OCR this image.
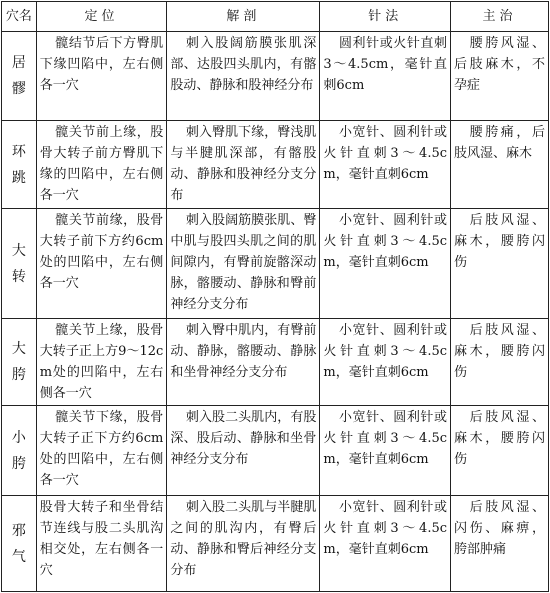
穴名	定位	解剖	针法	主治
居髎	髋结节后下方臀肌下缘凹陷中，左右侧各一穴	刺入股阔筋膜张肌深部、达股四头肌内，有髂股动、静脉和股神经分布	圆利针或火针直刺3～4.5cm，毫针直刺6cm	腰胯风湿、后肢麻木，不孕症
环跳	髋关节前上缘，股骨大转子前方臀肌下缘的凹陷中，左右侧各一穴	刺入臀肌下缘，臀浅肌与半腱肌深部，有髂股动、静脉和股神经分支分布	小宽针、圆利针或火针直刺3～4.5cm，毫针直刺6cm	腰胯痛，后肢风湿、麻木
大转	髋关节前缘，股骨大转子前下方约6cm处的凹陷中，左右侧各一穴	刺入股阔筋膜张肌、臀中肌与股四头肌之间的肌间隙内，有臀前旋髂深动脉，髂腰动、静脉和臀前神经分支分布	小宽针、圆利针或火针直刺3～4.5cm，毫针直刺6cm	后肢风湿、麻木，腰胯闪伤
大胯	髋关节上缘，股骨大转子正上方9～12cm处的凹陷中，左右侧各一穴	刺入臀中肌内，有臀前动、静脉，髂腰动、静脉和坐骨神经分支分布	小宽针、圆利针或火针直刺3～4.5cm，毫针直刺6cm	后肢风湿、麻木，腰胯闪伤
小胯	髋关节下缘，股骨大转子正下方约6cm处的凹陷中，左右侧各一穴	刺入股二头肌内，有股深、股后动、静脉和坐骨神经分支分布	小宽针、圆利针或火针直刺3～4.5cm，毫针直刺6cm	后肢风湿、麻木，腰胯闪伤
邪气	股骨大转子和坐骨结节连线与股二头肌沟相交处，左右侧各一穴	刺入股二头肌与半腱肌之间的肌沟内，有臀后动、静脉和臀后神经分支分布	小宽针、圆利针或火针直刺3～4.5cm，毫针直刺6cm	后肢风湿、闪伤、麻痹，胯部肿痛
